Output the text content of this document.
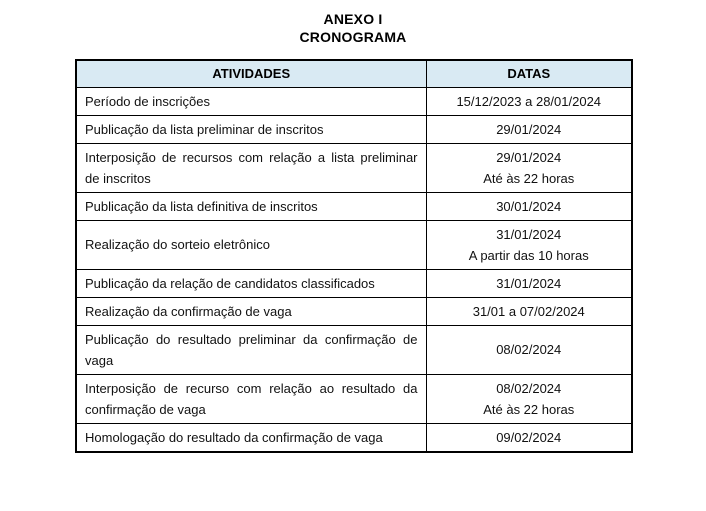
ANEXO I
CRONOGRAMA
ATIVIDADES	DATAS
Período de inscrições	15/12/2023 a 28/01/2024

Publicação da lista preliminar de inscritos	29/01/2024

Interposição de recursos com relação a lista preliminar de inscritos	29/01/2024
Até às 22 horas

Publicação da lista definitiva de inscritos	30/01/2024

Realização do sorteio eletrônico	31/01/2024
A partir das 10 horas

Publicação da relação de candidatos classificados	31/01/2024

Realização da confirmação de vaga	31/01 a 07/02/2024

Publicação do resultado preliminar da confirmação de vaga	08/02/2024

Interposição de recurso com relação ao resultado da confirmação de vaga	08/02/2024
Até às 22 horas

Homologação do resultado da confirmação de vaga	09/02/2024
